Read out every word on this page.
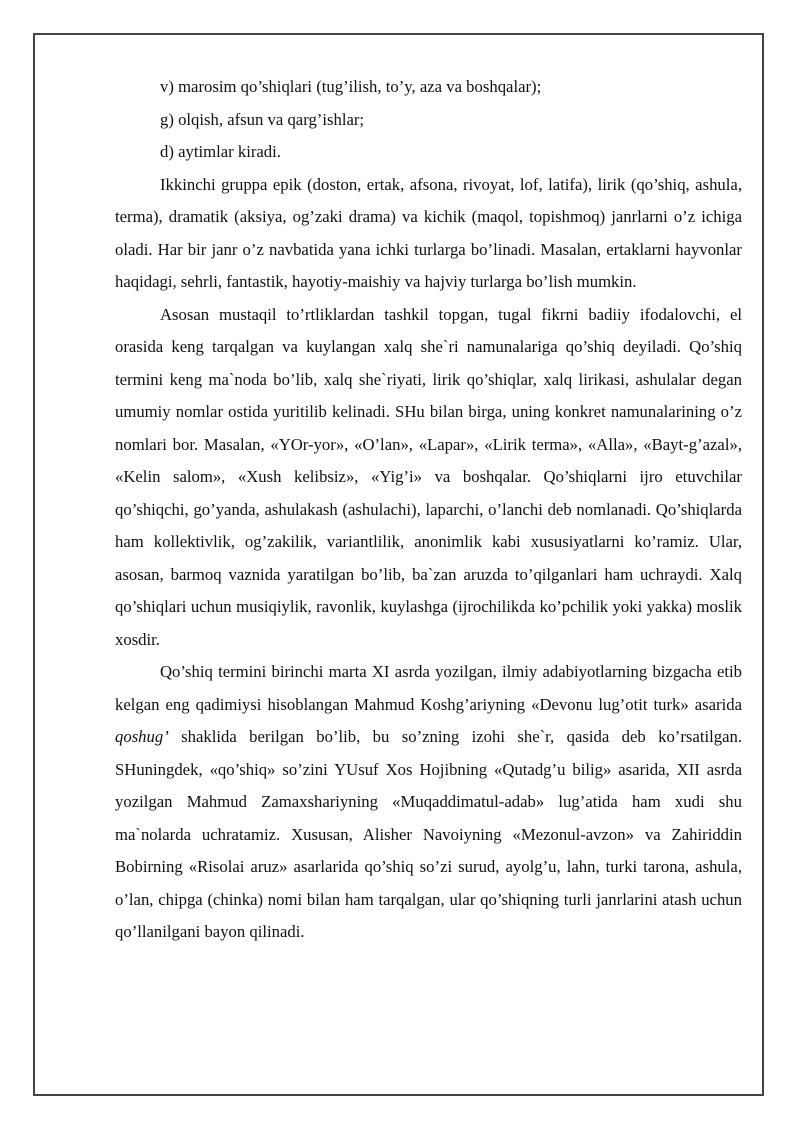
v) marosim qo’shiqlari (tug’ilish, to’y, aza va boshqalar);

g) olqish, afsun va qarg’ishlar;

d) aytimlar kiradi.

Ikkinchi gruppa epik (doston, ertak, afsona, rivoyat, lof, latifa), lirik (qo’shiq, ashula, terma), dramatik (aksiya, og’zaki drama) va kichik (maqol, topishmoq) janrlarni o’z ichiga oladi. Har bir janr o’z navbatida yana ichki turlarga bo’linadi. Masalan, ertaklarni hayvonlar haqidagi, sehrli, fantastik, hayotiy-maishiy va hajviy turlarga bo’lish mumkin.

Asosan mustaqil to’rtliklardan tashkil topgan, tugal fikrni badiiy ifodalovchi, el orasida keng tarqalgan va kuylangan xalq she`ri namunalariga qo’shiq deyiladi. Qo’shiq termini keng ma`noda bo’lib, xalq she`riyati, lirik qo’shiqlar, xalq lirikasi, ashulalar degan umumiy nomlar ostida yuritilib kelinadi. SHu bilan birga, uning konkret namunalarining o’z nomlari bor. Masalan, «YOr-yor», «O’lan», «Lapar», «Lirik terma», «Alla», «Bayt-g’azal», «Kelin salom», «Xush kelibsiz», «Yig’i» va boshqalar. Qo’shiqlarni ijro etuvchilar qo’shiqchi, go’yanda, ashulakash (ashulachi), laparchi, o’lanchi deb nomlanadi. Qo’shiqlarda ham kollektivlik, og’zakilik, variantlilik, anonimlik kabi xususiyatlarni ko’ramiz. Ular, asosan, barmoq vaznida yaratilgan bo’lib, ba`zan aruzda to’qilganlari ham uchraydi. Xalq qo’shiqlari uchun musiqiylik, ravonlik, kuylashga (ijrochilikda ko’pchilik yoki yakka) moslik xosdir.

Qo’shiq termini birinchi marta XI asrda yozilgan, ilmiy adabiyotlarning bizgacha etib kelgan eng qadimiysi hisoblangan Mahmud Koshg’ariyning «Devonu lug’otit turk» asarida qoshug’ shaklida berilgan bo’lib, bu so’zning izohi she`r, qasida deb ko’rsatilgan. SHuningdek, «qo’shiq» so’zini YUsuf Xos Hojibning «Qutadg’u bilig» asarida, XII asrda yozilgan Mahmud Zamaxshariyning «Muqaddimatul-adab» lug’atida ham xudi shu ma`nolarda uchratamiz. Xususan, Alisher Navoiyning «Mezonul-avzon» va Zahiriddin Bobirning «Risolai aruz» asarlarida qo’shiq so’zi surud, ayolg’u, lahn, turki tarona, ashula, o’lan, chipga (chinka) nomi bilan ham tarqalgan, ular qo’shiqning turli janrlarini atash uchun qo’llanilgani bayon qilinadi.
